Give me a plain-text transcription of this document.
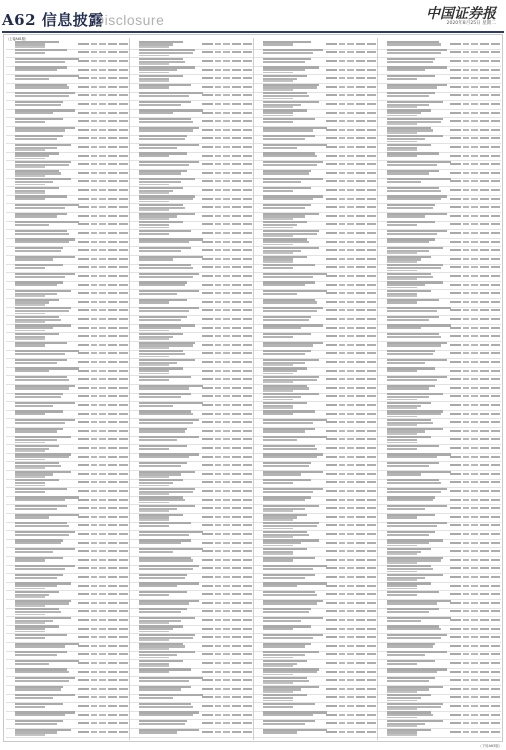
A62 信息披露
Disclosure	中国证券报
2020年8月25日 星期二
（上接A61版）
（下转A63版）
